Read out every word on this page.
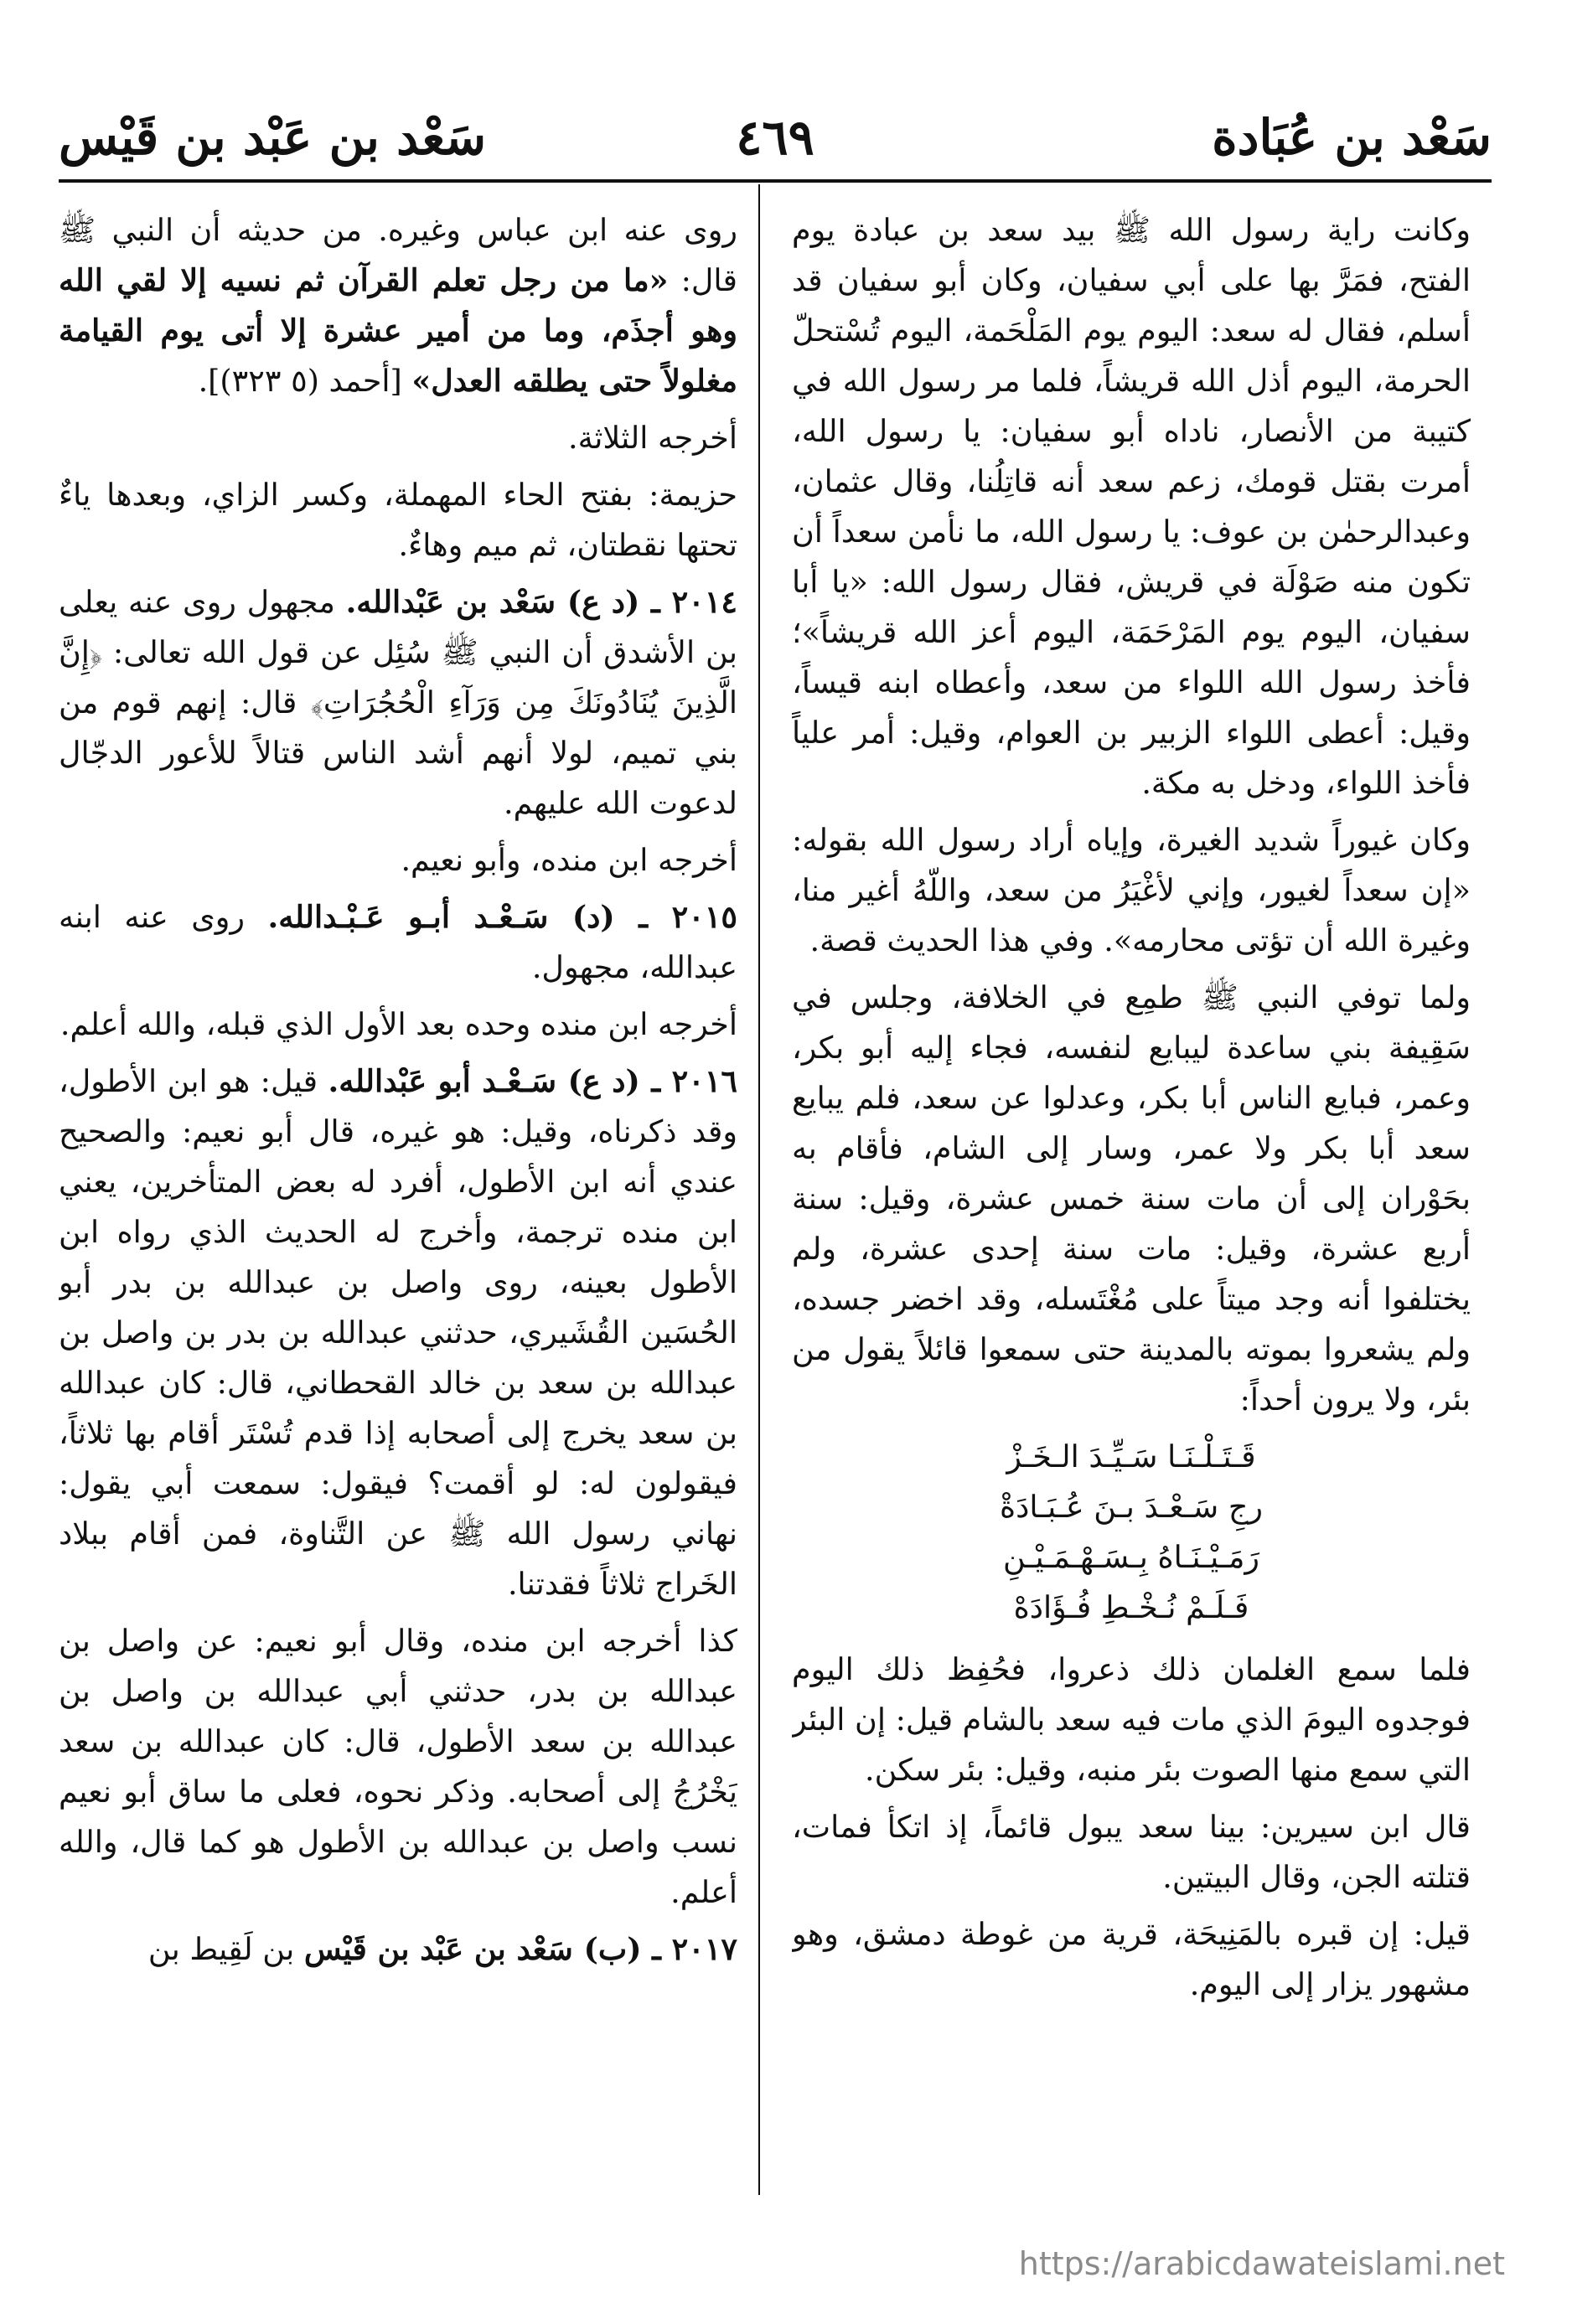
سَعْد بن عُبَادة
٤٦٩
سَعْد بن عَبْد بن قَيْس

وكانت راية رسول الله ﷺ بيد سعد بن عبادة يوم الفتح، فمَرَّ بها على أبي سفيان، وكان أبو سفيان قد أسلم، فقال له سعد: اليوم يوم المَلْحَمة، اليوم تُسْتحلّ الحرمة، اليوم أذل الله قريشاً، فلما مر رسول الله في كتيبة من الأنصار، ناداه أبو سفيان: يا رسول الله، أمرت بقتل قومك، زعم سعد أنه قاتِلُنا، وقال عثمان، وعبدالرحمٰن بن عوف: يا رسول الله، ما نأمن سعداً أن تكون منه صَوْلَة في قريش، فقال رسول الله: «يا أبا سفيان، اليوم يوم المَرْحَمَة، اليوم أعز الله قريشاً»؛ فأخذ رسول الله اللواء من سعد، وأعطاه ابنه قيساً، وقيل: أعطى اللواء الزبير بن العوام، وقيل: أمر علياً فأخذ اللواء، ودخل به مكة.

وكان غيوراً شديد الغيرة، وإياه أراد رسول الله بقوله: «إن سعداً لغيور، وإني لأغْيَرُ من سعد، واللّهُ أغير منا، وغيرة الله أن تؤتى محارمه». وفي هذا الحديث قصة.

ولما توفي النبي ﷺ طمِع في الخلافة، وجلس في سَقِيفة بني ساعدة ليبايع لنفسه، فجاء إليه أبو بكر، وعمر، فبايع الناس أبا بكر، وعدلوا عن سعد، فلم يبايع سعد أبا بكر ولا عمر، وسار إلى الشام، فأقام به بحَوْران إلى أن مات سنة خمس عشرة، وقيل: سنة أربع عشرة، وقيل: مات سنة إحدى عشرة، ولم يختلفوا أنه وجد ميتاً على مُغْتَسله، وقد اخضر جسده، ولم يشعروا بموته بالمدينة حتى سمعوا قائلاً يقول من بئر، ولا يرون أحداً:

قَـتَـلْـنَـا سَـيِّـدَ الـخَـزْ
رجِ سَـعْـدَ بـنَ عُـبَـادَةْ
رَمَـيْـنَـاهُ بِـسَـهْـمَـيْـنِ
فَـلَـمْ نُـخْـطِ فُـؤَادَهْ

فلما سمع الغلمان ذلك ذعروا، فحُفِظ ذلك اليوم فوجدوه اليومَ الذي مات فيه سعد بالشام قيل: إن البئر التي سمع منها الصوت بئر منبه، وقيل: بئر سكن.

قال ابن سيرين: بينا سعد يبول قائماً، إذ اتكأ فمات، قتلته الجن، وقال البيتين.

قيل: إن قبره بالمَنِيحَة، قرية من غوطة دمشق، وهو مشهور يزار إلى اليوم.

روى عنه ابن عباس وغيره. من حديثه أن النبي ﷺ قال: «ما من رجل تعلم القرآن ثم نسيه إلا لقي الله وهو أجذَم، وما من أمير عشرة إلا أتى يوم القيامة مغلولاً حتى يطلقه العدل» [أحمد (٥ ٣٢٣)].

أخرجه الثلاثة.

حزيمة: بفتح الحاء المهملة، وكسر الزاي، وبعدها ياءٌ تحتها نقطتان، ثم ميم وهاءٌ.

٢٠١٤ ـ (د ع) سَعْد بن عَبْدالله. مجهول روى عنه يعلى بن الأشدق أن النبي ﷺ سُئِل عن قول الله تعالى: ﴿إِنَّ الَّذِينَ يُنَادُونَكَ مِن وَرَآءِ الْحُجُرَاتِ﴾ قال: إنهم قوم من بني تميم، لولا أنهم أشد الناس قتالاً للأعور الدجّال لدعوت الله عليهم.

أخرجه ابن منده، وأبو نعيم.

٢٠١٥ ـ (د) سَـعْـد أبـو عَـبْـدالله. روى عنه ابنه عبدالله، مجهول.

أخرجه ابن منده وحده بعد الأول الذي قبله، والله أعلم.

٢٠١٦ ـ (د ع) سَـعْـد أبو عَبْدالله. قيل: هو ابن الأطول، وقد ذكرناه، وقيل: هو غيره، قال أبو نعيم: والصحيح عندي أنه ابن الأطول، أفرد له بعض المتأخرين، يعني ابن منده ترجمة، وأخرج له الحديث الذي رواه ابن الأطول بعينه، روى واصل بن عبدالله بن بدر أبو الحُسَين القُشَيري، حدثني عبدالله بن بدر بن واصل بن عبدالله بن سعد بن خالد القحطاني، قال: كان عبدالله بن سعد يخرج إلى أصحابه إذا قدم تُسْتَر أقام بها ثلاثاً، فيقولون له: لو أقمت؟ فيقول: سمعت أبي يقول: نهاني رسول الله ﷺ عن التَّناوة، فمن أقام ببلاد الخَراج ثلاثاً فقدتنا.

كذا أخرجه ابن منده، وقال أبو نعيم: عن واصل بن عبدالله بن بدر، حدثني أبي عبدالله بن واصل بن عبدالله بن سعد الأطول، قال: كان عبدالله بن سعد يَخْرُجُ إلى أصحابه. وذكر نحوه، فعلى ما ساق أبو نعيم نسب واصل بن عبدالله بن الأطول هو كما قال، والله أعلم.

٢٠١٧ ـ (ب) سَعْد بن عَبْد بن قَيْس بن لَقِيط بن

https://arabicdawateislami.net
